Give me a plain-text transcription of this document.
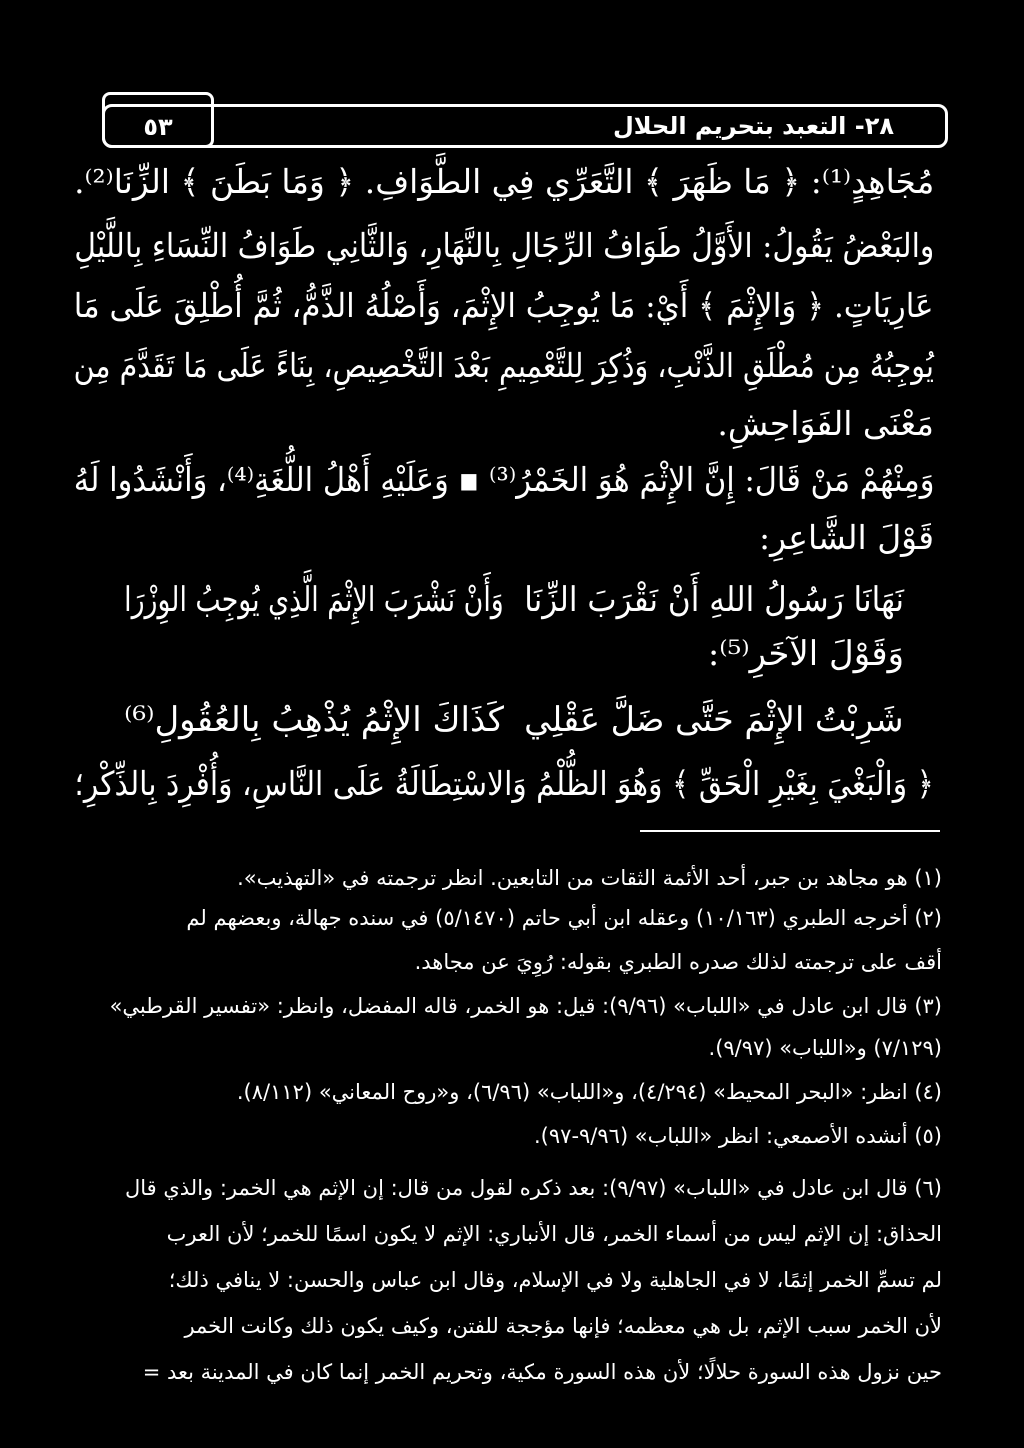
٢٨- التعبد بتحريم الحلال
٥٣
مُجَاهِدٍ⁽¹⁾: ﴿ مَا ظَهَرَ ﴾ التَّعَرِّي فِي الطَّوَافِ. ﴿ وَمَا بَطَنَ ﴾ الزِّنَا⁽²⁾.
والبَعْضُ يَقُولُ: الأَوَّلُ طَوَافُ الرِّجَالِ بِالنَّهَارِ، وَالثَّانِي طَوَافُ النِّسَاءِ بِاللَّيْلِ
عَارِيَاتٍ. ﴿ وَالإِثْمَ ﴾ أَيْ: مَا يُوجِبُ الإِثْمَ، وَأَصْلُهُ الذَّمُّ، ثُمَّ أُطْلِقَ عَلَى مَا
يُوجِبُهُ مِن مُطْلَقِ الذَّنْبِ، وَذُكِرَ لِلتَّعْمِيمِ بَعْدَ التَّخْصِيصِ، بِنَاءً عَلَى مَا تَقَدَّمَ مِن
مَعْنَى الفَوَاحِشِ.
وَمِنْهُمْ مَنْ قَالَ: إِنَّ الإِثْمَ هُوَ الخَمْرُ⁽³⁾ ▪ وَعَلَيْهِ أَهْلُ اللُّغَةِ⁽⁴⁾، وَأَنْشَدُوا لَهُ
قَوْلَ الشَّاعِرِ:
نَهَانَا رَسُولُ اللهِ أَنْ نَقْرَبَ الزِّنَا
وَأَنْ نَشْرَبَ الإِثْمَ الَّذِي يُوجِبُ الوِزْرَا
وَقَوْلَ الآخَرِ⁽⁵⁾:
شَرِبْتُ الإِثْمَ حَتَّى ضَلَّ عَقْلِي
كَذَاكَ الإِثْمُ يُذْهِبُ بِالعُقُولِ⁽⁶⁾
﴿ وَالْبَغْيَ بِغَيْرِ الْحَقِّ ﴾ وَهُوَ الظُّلْمُ وَالاسْتِطَالَةُ عَلَى النَّاسِ، وَأُفْرِدَ بِالذِّكْرِ؛
(١) هو مجاهد بن جبر، أحد الأئمة الثقات من التابعين. انظر ترجمته في «التهذيب».
(٢) أخرجه الطبري (١٠/١٦٣) وعقله ابن أبي حاتم (٥/١٤٧٠) في سنده جهالة، وبعضهم لم
أقف على ترجمته لذلك صدره الطبري بقوله: رُوِيَ عن مجاهد.
(٣) قال ابن عادل في «اللباب» (٩/٩٦): قيل: هو الخمر، قاله المفضل، وانظر: «تفسير القرطبي»
(٧/١٢٩) و«اللباب» (٩/٩٧).
(٤) انظر: «البحر المحيط» (٤/٢٩٤)، و«اللباب» (٦/٩٦)، و«روح المعاني» (٨/١١٢).
(٥) أنشده الأصمعي: انظر «اللباب» (٩/٩٦-٩٧).
(٦) قال ابن عادل في «اللباب» (٩/٩٧): بعد ذكره لقول من قال: إن الإثم هي الخمر: والذي قال
الحذاق: إن الإثم ليس من أسماء الخمر، قال الأنباري: الإثم لا يكون اسمًا للخمر؛ لأن العرب
لم تسمِّ الخمر إثمًا، لا في الجاهلية ولا في الإسلام، وقال ابن عباس والحسن: لا ينافي ذلك؛
لأن الخمر سبب الإثم، بل هي معظمه؛ فإنها مؤججة للفتن، وكيف يكون ذلك وكانت الخمر
حين نزول هذه السورة حلالًا؛ لأن هذه السورة مكية، وتحريم الخمر إنما كان في المدينة بعد =
